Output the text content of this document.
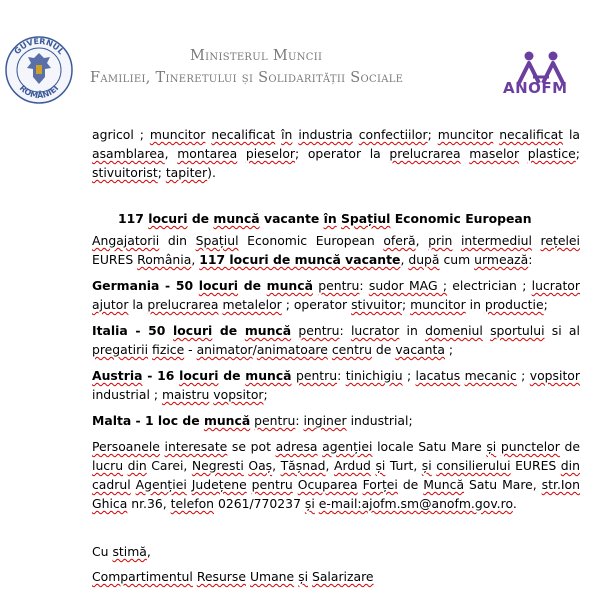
GUVERNUL
ROMÂNIEI
Ministerul Muncii
Familiei, Tineretului și Solidarității Sociale
ANOFM

agricol ; muncitor necalificat în industria confectiilor; muncitor necalificat la asamblarea, montarea pieselor; operator la prelucrarea maselor plastice; stivuitorist; tapiter).

117 locuri de muncă vacante în Spațiul Economic European

Angajatorii din Spațiul Economic European oferă, prin intermediul rețelei EURES România, 117 locuri de muncă vacante, după cum urmează:

Germania - 50 locuri de muncă pentru: sudor MAG ; electrician ; lucrator ajutor la prelucrarea metalelor ; operator stivuitor; muncitor in productie;

Italia - 50 locuri de muncă pentru: lucrator in domeniul sportului si al pregatirii fizice - animator/animatoare centru de vacanta ;

Austria - 16 locuri de muncă pentru: tinichigiu ; lacatus mecanic ; vopsitor industrial ; maistru vopsitor;

Malta - 1 loc de muncă pentru: inginer industrial;

Persoanele interesate se pot adresa agenției locale Satu Mare și punctelor de lucru din Carei, Negresti Oaș, Tășnad, Ardud și Turt, și consilierului EURES din cadrul Agenției Județene pentru Ocuparea Forței de Muncă Satu Mare, str.Ion Ghica nr.36, telefon 0261/770237 și e-mail:ajofm.sm@anofm.gov.ro.

Cu stimă,

Compartimentul Resurse Umane și Salarizare
